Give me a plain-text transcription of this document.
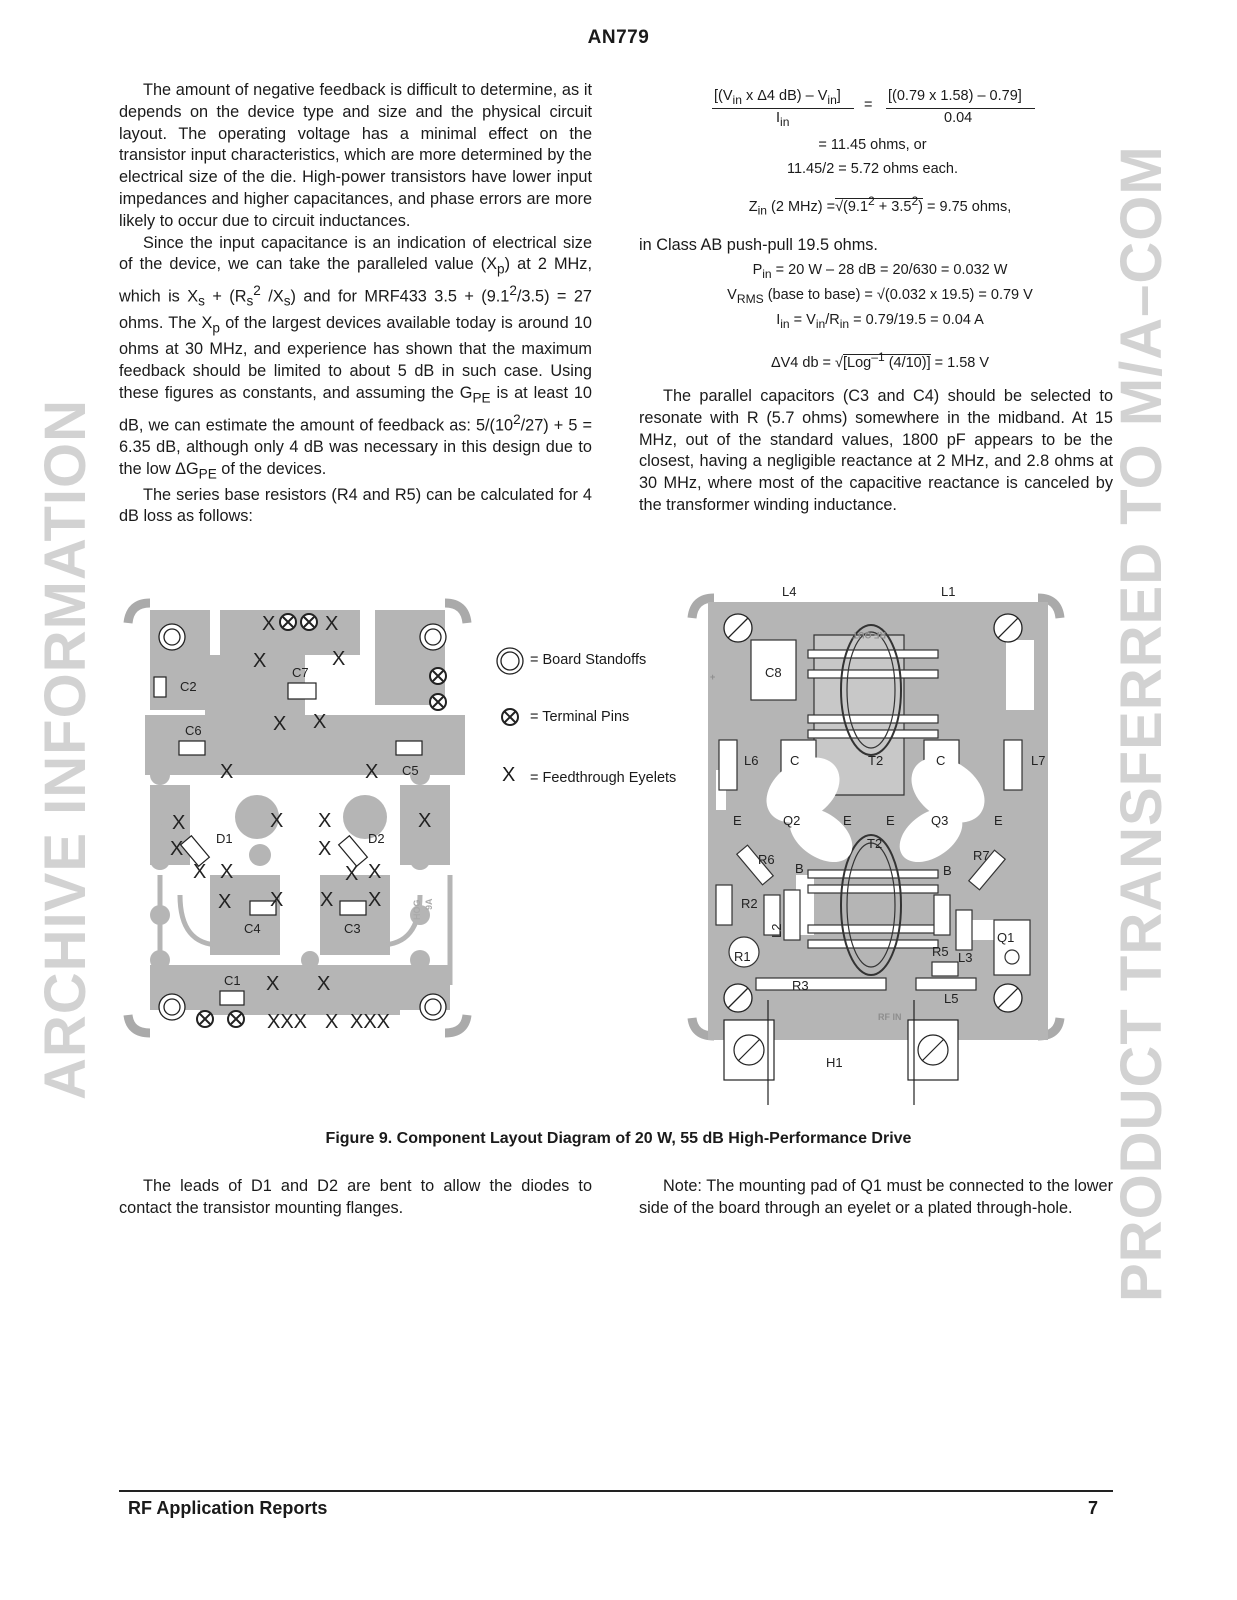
AN779

The amount of negative feedback is difficult to determine, as it depends on the device type and size and the physical circuit layout. The operating voltage has a minimal effect on the transistor input characteristics, which are more determined by the electrical size of the die. High-power transistors have lower input impedances and higher capacitances, and phase errors are more likely to occur due to circuit inductances.

Since the input capacitance is an indication of electrical size of the device, we can take the paralleled value $(X_p)$ at 2 MHz, which is $X_s + (R_s^2$ $/X_s$) and for MRF433 $3.5 + (9.1^2/3.5) = 27$ ohms. The $X_p$ of the largest devices available today is around 10 ohms at 30 MHz, and experience has shown that the maximum feedback should be limited to about 5 dB in such case. Using these figures as constants, and assuming the $G_{PE}$ is at least 10 dB, we can estimate the amount of feedback as: $5/(10^2/27) + 5 = 6.35$ dB, although only 4 dB was necessary in this design due to the low $\Delta G_{PE}$ of the devices.

The series base resistors (R4 and R5) can be calculated for 4 dB loss as follows:

[($V_{in}$ x Δ4 $dB) - V_{in}$]
$I_{in}$
=
[(0.79 x 1.58) – 0.79]
0.04
= 11.45 ohms, or
11.45/2 = 5.72 ohms each.
$Z_{in}$ (2 $MHz) =√(9.1^2 + 3.5^2) = 9.75$ ohms,
in Class AB push-pull 19.5 ohms.
$P_{in} = 20$ W – 28 dB = 20/630 = 0.032 W
$V_{RMS}$ (base to base) = √(0.032 x 19.5) = 0.79 V
$I_{in} = V_{in}/R_{in} = 0.79/19.5 = 0.04$ A
ΔV4 db = √[Log$^{-1}$ (4/10)] = 1.58 V

The parallel capacitors (C3 and C4) should be selected to resonate with R (5.7 ohms) somewhere in the midband. At 15 MHz, out of the standard values, 1800 pF appears to be the closest, having a negligible reactance at 2 MHz, and 2.8 ohms at 30 MHz, where most of the capacitive reactance is canceled by the transformer winding inductance.

C2
C7
C6
C5
D1	D2
C4	C3
C1
HOG 9A
X X
X	X
X X
X	X
X	X X	X
X	X
X X	X X
X X X X
X X
XXX X XXX
= Board Standoffs
= Terminal Pins
X = Feedthrough Eyelets
L4	L1
C8
L6 C	T2	C	L7
E	Q2	E	E	Q3	E
T2
R6
B	B
R7
R2
L2
R5 L3
Q1
R1
R3
L5
H1
RF OUT
RF IN
+
Figure 9. Component Layout Diagram of 20 W, 55 dB High-Performance Drive

The leads of D1 and D2 are bent to allow the diodes to contact the transistor mounting flanges.

Note: The mounting pad of Q1 must be connected to the lower side of the board through an eyelet or a plated through-hole.

ARCHIVE INFORMATION	PRODUCT TRANSFERRED TO M/A–COM
RF Application Reports	7
